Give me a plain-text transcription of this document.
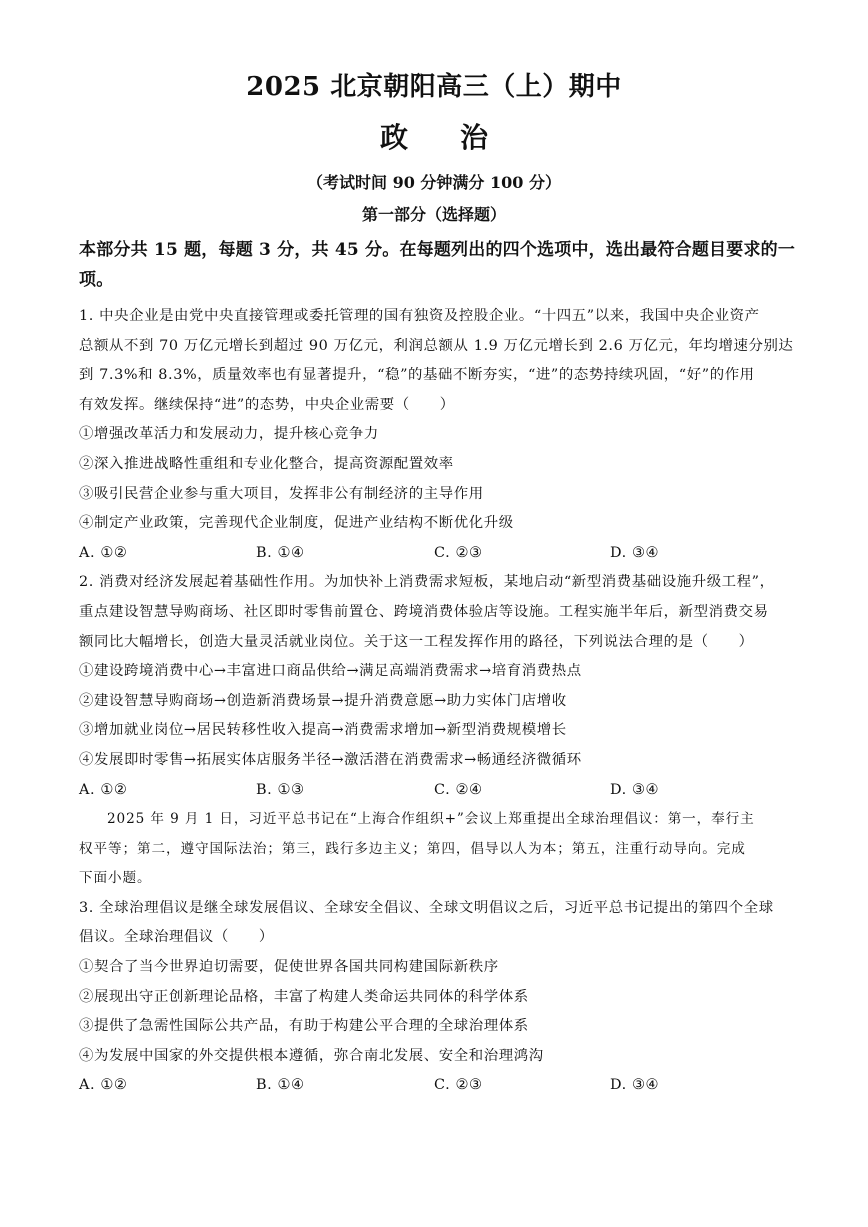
2025 北京朝阳高三（上）期中
政 治
（考试时间 90 分钟满分 100 分）
第一部分（选择题）
本部分共 15 题，每题 3 分，共 45 分。在每题列出的四个选项中，选出最符合题目要求的一
项。
1. 中央企业是由党中央直接管理或委托管理的国有独资及控股企业。“十四五”以来，我国中央企业资产
总额从不到 70 万亿元增长到超过 90 万亿元，利润总额从 1.9 万亿元增长到 2.6 万亿元，年均增速分别达
到 7.3%和 8.3%，质量效率也有显著提升，“稳”的基础不断夯实，“进”的态势持续巩固，“好”的作用
有效发挥。继续保持“进”的态势，中央企业需要（　　）
①增强改革活力和发展动力，提升核心竞争力
②深入推进战略性重组和专业化整合，提高资源配置效率
③吸引民营企业参与重大项目，发挥非公有制经济的主导作用
④制定产业政策，完善现代企业制度，促进产业结构不断优化升级
A. ①②	B. ①④	C. ②③	D. ③④
2. 消费对经济发展起着基础性作用。为加快补上消费需求短板，某地启动“新型消费基础设施升级工程”，
重点建设智慧导购商场、社区即时零售前置仓、跨境消费体验店等设施。工程实施半年后，新型消费交易
额同比大幅增长，创造大量灵活就业岗位。关于这一工程发挥作用的路径，下列说法合理的是（　　）
①建设跨境消费中心→丰富进口商品供给→满足高端消费需求→培育消费热点
②建设智慧导购商场→创造新消费场景→提升消费意愿→助力实体门店增收
③增加就业岗位→居民转移性收入提高→消费需求增加→新型消费规模增长
④发展即时零售→拓展实体店服务半径→激活潜在消费需求→畅通经济微循环
A. ①②	B. ①③	C. ②④	D. ③④
2025 年 9 月 1 日，习近平总书记在“上海合作组织+”会议上郑重提出全球治理倡议：第一，奉行主
权平等；第二，遵守国际法治；第三，践行多边主义；第四，倡导以人为本；第五，注重行动导向。完成
下面小题。
3. 全球治理倡议是继全球发展倡议、全球安全倡议、全球文明倡议之后，习近平总书记提出的第四个全球
倡议。全球治理倡议（　　）
①契合了当今世界迫切需要，促使世界各国共同构建国际新秩序
②展现出守正创新理论品格，丰富了构建人类命运共同体的科学体系
③提供了急需性国际公共产品，有助于构建公平合理的全球治理体系
④为发展中国家的外交提供根本遵循，弥合南北发展、安全和治理鸿沟
A. ①②	B. ①④	C. ②③	D. ③④
